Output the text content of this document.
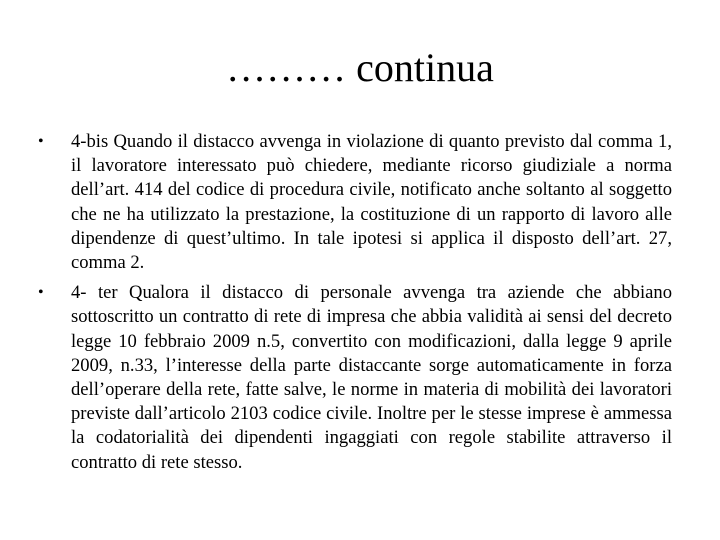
……… continua
• 4-bis Quando il distacco avvenga in violazione di quanto previsto dal comma 1, il lavoratore interessato può chiedere, mediante ricorso giudiziale a norma dell’art. 414 del codice di procedura civile, notificato anche soltanto al soggetto che ne ha utilizzato la prestazione, la costituzione di un rapporto di lavoro alle dipendenze di quest’ultimo. In tale ipotesi si applica il disposto dell’art. 27, comma 2.
• 4- ter Qualora il distacco di personale avvenga tra aziende che abbiano sottoscritto un contratto di rete di impresa che abbia validità ai sensi del decreto legge 10 febbraio 2009 n.5, convertito con modificazioni, dalla legge 9 aprile 2009, n.33, l’interesse della parte distaccante sorge automaticamente in forza dell’operare della rete, fatte salve, le norme in materia di mobilità dei lavoratori previste dall’articolo 2103 codice civile. Inoltre per le stesse imprese è ammessa la codatorialità dei dipendenti ingaggiati con regole stabilite attraverso il contratto di rete stesso.
